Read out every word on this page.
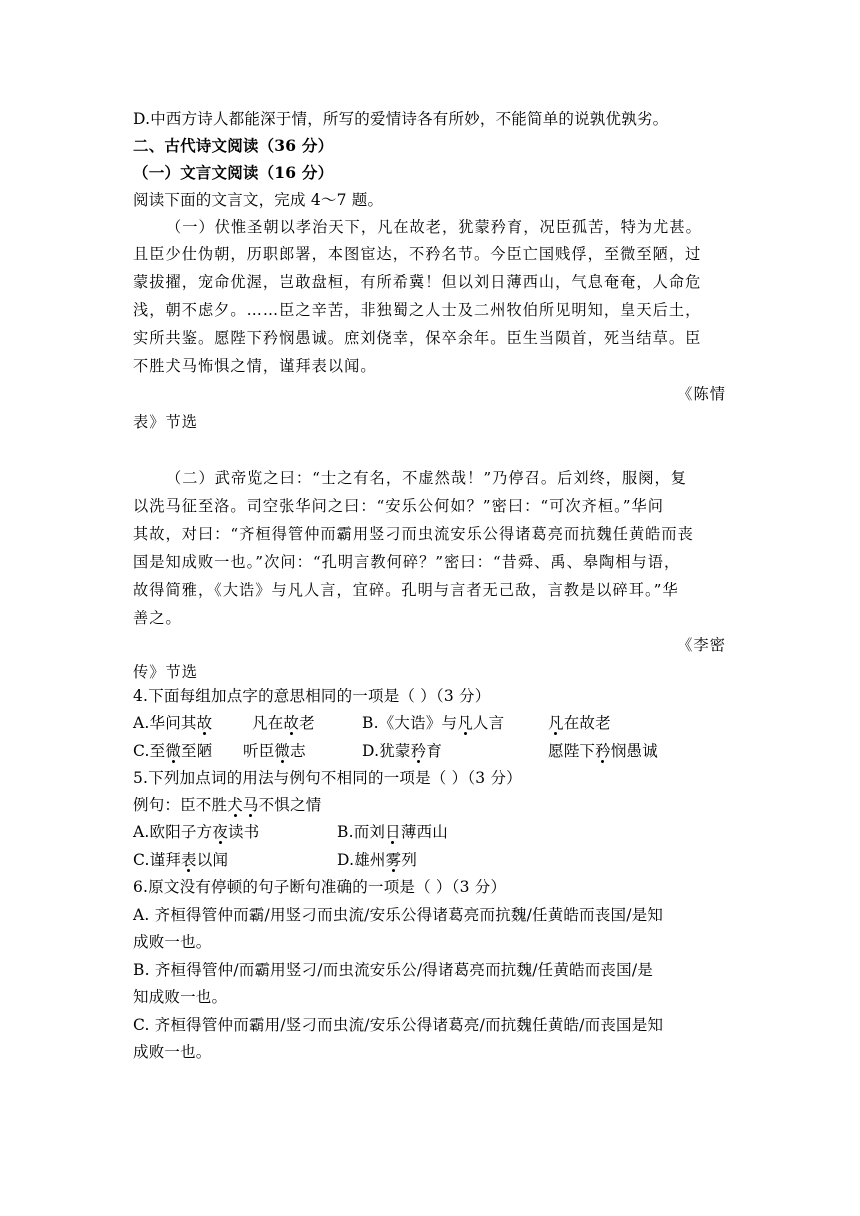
D.中西方诗人都能深于情，所写的爱情诗各有所妙，不能简单的说孰优孰劣。
二、古代诗文阅读（36 分）
（一）文言文阅读（16 分）
阅读下面的文言文，完成 4～7 题。
（一）伏惟圣朝以孝治天下，凡在故老，犹蒙矜育，况臣孤苦，特为尤甚。
且臣少仕伪朝，历职郎署，本图宦达，不矜名节。今臣亡国贱俘，至微至陋，过
蒙拔擢，宠命优渥，岂敢盘桓，有所希冀！但以刘日薄西山，气息奄奄，人命危
浅，朝不虑夕。……臣之辛苦，非独蜀之人士及二州牧伯所见明知，皇天后土，
实所共鉴。愿陛下矜悯愚诚。庶刘侥幸，保卒余年。臣生当陨首，死当结草。臣
不胜犬马怖惧之情，谨拜表以闻。
《陈情
表》节选
（二）武帝览之曰：“士之有名，不虚然哉！”乃停召。后刘终，服阕，复
以洗马征至洛。司空张华问之曰：“安乐公何如？”密曰：“可次齐桓。”华问
其故，对曰：“齐桓得管仲而霸用竖刁而虫流安乐公得诸葛亮而抗魏任黄皓而丧
国是知成败一也。”次问：“孔明言教何碎？”密曰：“昔舜、禹、皋陶相与语，
故得简雅，《大诰》与凡人言，宜碎。孔明与言者无己敌，言教是以碎耳。”华
善之。
《李密
传》节选
4.下面每组加点字的意思相同的一项是（ ）（3 分）
A.华问其故	凡在故老	B.《大诰》与凡人言	凡在故老
C.至微至陋 听臣微志	D.犹蒙矜育	愿陛下矜悯愚诚
5.下列加点词的用法与例句不相同的一项是（ ）（3 分）
例句：臣不胜犬马不惧之情
A.欧阳子方夜读书	B.而刘日薄西山
C.谨拜表以闻	D.雄州雾列
6.原文没有停顿的句子断句准确的一项是（ ）（3 分）
A. 齐桓得管仲而霸/用竖刁而虫流/安乐公得诸葛亮而抗魏/任黄皓而丧国/是知
成败一也。
B. 齐桓得管仲/而霸用竖刁/而虫流安乐公/得诸葛亮而抗魏/任黄皓而丧国/是
知成败一也。
C. 齐桓得管仲而霸用/竖刁而虫流/安乐公得诸葛亮/而抗魏任黄皓/而丧国是知
成败一也。
